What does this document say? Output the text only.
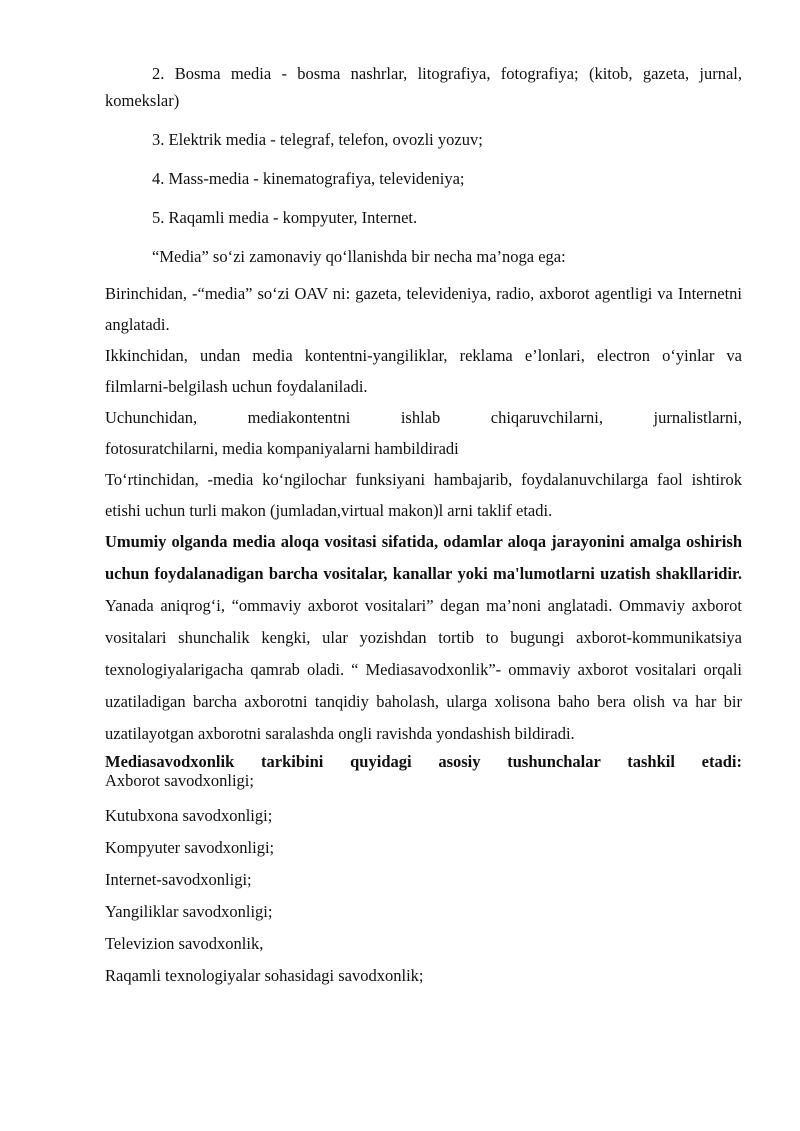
2. Bosma media - bosma nashrlar, litografiya, fotografiya; (kitob, gazeta, jurnal, komekslar)

3. Elektrik media - telegraf, telefon, ovozli yozuv;

4. Mass-media - kinematografiya, televideniya;

5. Raqamli media - kompyuter, Internet.

“Media” so‘zi zamonaviy qo‘llanishda bir necha ma’noga ega:

Birinchidan, -“media” so‘zi OAV ni: gazeta, televideniya, radio, axborot agentligi va Internetni anglatadi.

Ikkinchidan, undan media kontentni-yangiliklar, reklama e’lonlari, electron o‘yinlar va filmlarni-belgilash uchun foydalaniladi.

Uchunchidan, mediakontentni ishlab chiqaruvchilarni, jurnalistlarni,

fotosuratchilarni, media kompaniyalarni hambildiradi

To‘rtinchidan, -media ko‘ngilochar funksiyani hambajarib, foydalanuvchilarga faol ishtirok etishi uchun turli makon (jumladan,virtual makon)l arni taklif etadi.

Umumiy olganda media aloqa vositasi sifatida, odamlar aloqa jarayonini amalga oshirish uchun foydalanadigan barcha vositalar, kanallar yoki ma'lumotlarni uzatish shakllaridir. Yanada aniqrog‘i, “ommaviy axborot vositalari” degan ma’noni anglatadi. Ommaviy axborot vositalari shunchalik kengki, ular yozishdan tortib to bugungi axborot-kommunikatsiya texnologiyalarigacha qamrab oladi. “ Mediasavodxonlik”- ommaviy axborot vositalari orqali uzatiladigan barcha axborotni tanqidiy baholash, ularga xolisona baho bera olish va har bir uzatilayotgan axborotni saralashda ongli ravishda yondashish bildiradi.

Mediasavodxonlik tarkibini quyidagi asosiy tushunchalar tashkil etadi:

Axborot savodxonligi;
Kutubxona savodxonligi;
Kompyuter savodxonligi;
Internet-savodxonligi;
Yangiliklar savodxonligi;
Televizion savodxonlik,
Raqamli texnologiyalar sohasidagi savodxonlik;
